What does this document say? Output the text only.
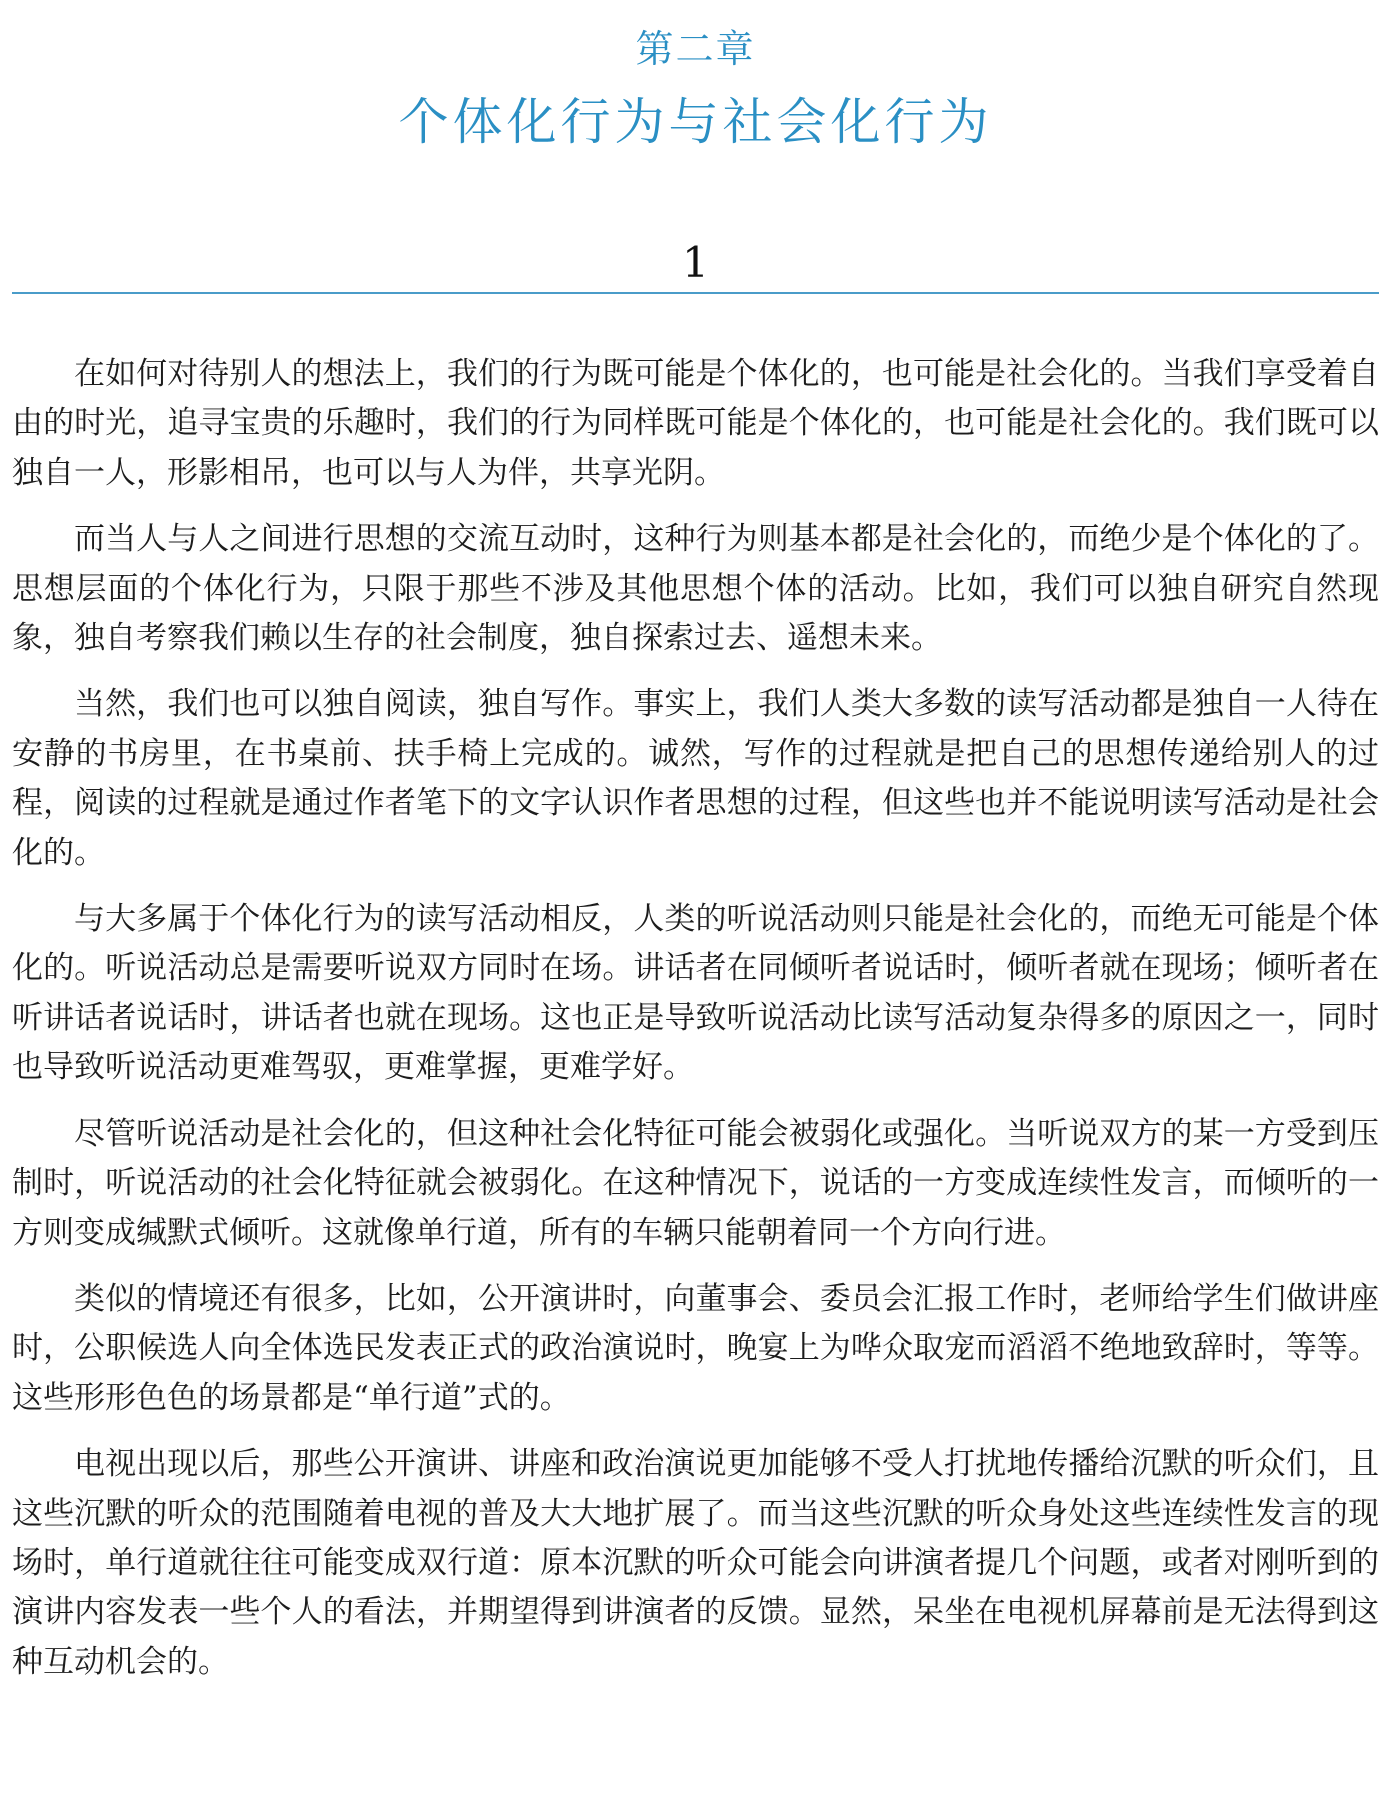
第二章
个体化行为与社会化行为
1

在如何对待别人的想法上，我们的行为既可能是个体化的，也可能是社会化的。当我们享受着自由的时光，追寻宝贵的乐趣时，我们的行为同样既可能是个体化的，也可能是社会化的。我们既可以独自一人，形影相吊，也可以与人为伴，共享光阴。

而当人与人之间进行思想的交流互动时，这种行为则基本都是社会化的，而绝少是个体化的了。思想层面的个体化行为，只限于那些不涉及其他思想个体的活动。比如，我们可以独自研究自然现象，独自考察我们赖以生存的社会制度，独自探索过去、遥想未来。

当然，我们也可以独自阅读，独自写作。事实上，我们人类大多数的读写活动都是独自一人待在安静的书房里，在书桌前、扶手椅上完成的。诚然，写作的过程就是把自己的思想传递给别人的过程，阅读的过程就是通过作者笔下的文字认识作者思想的过程，但这些也并不能说明读写活动是社会化的。

与大多属于个体化行为的读写活动相反，人类的听说活动则只能是社会化的，而绝无可能是个体化的。听说活动总是需要听说双方同时在场。讲话者在同倾听者说话时，倾听者就在现场；倾听者在听讲话者说话时，讲话者也就在现场。这也正是导致听说活动比读写活动复杂得多的原因之一，同时也导致听说活动更难驾驭，更难掌握，更难学好。

尽管听说活动是社会化的，但这种社会化特征可能会被弱化或强化。当听说双方的某一方受到压制时，听说活动的社会化特征就会被弱化。在这种情况下，说话的一方变成连续性发言，而倾听的一方则变成缄默式倾听。这就像单行道，所有的车辆只能朝着同一个方向行进。

类似的情境还有很多，比如，公开演讲时，向董事会、委员会汇报工作时，老师给学生们做讲座时，公职候选人向全体选民发表正式的政治演说时，晚宴上为哗众取宠而滔滔不绝地致辞时，等等。这些形形色色的场景都是“单行道”式的。

电视出现以后，那些公开演讲、讲座和政治演说更加能够不受人打扰地传播给沉默的听众们，且这些沉默的听众的范围随着电视的普及大大地扩展了。而当这些沉默的听众身处这些连续性发言的现场时，单行道就往往可能变成双行道：原本沉默的听众可能会向讲演者提几个问题，或者对刚听到的演讲内容发表一些个人的看法，并期望得到讲演者的反馈。显然，呆坐在电视机屏幕前是无法得到这种互动机会的。
